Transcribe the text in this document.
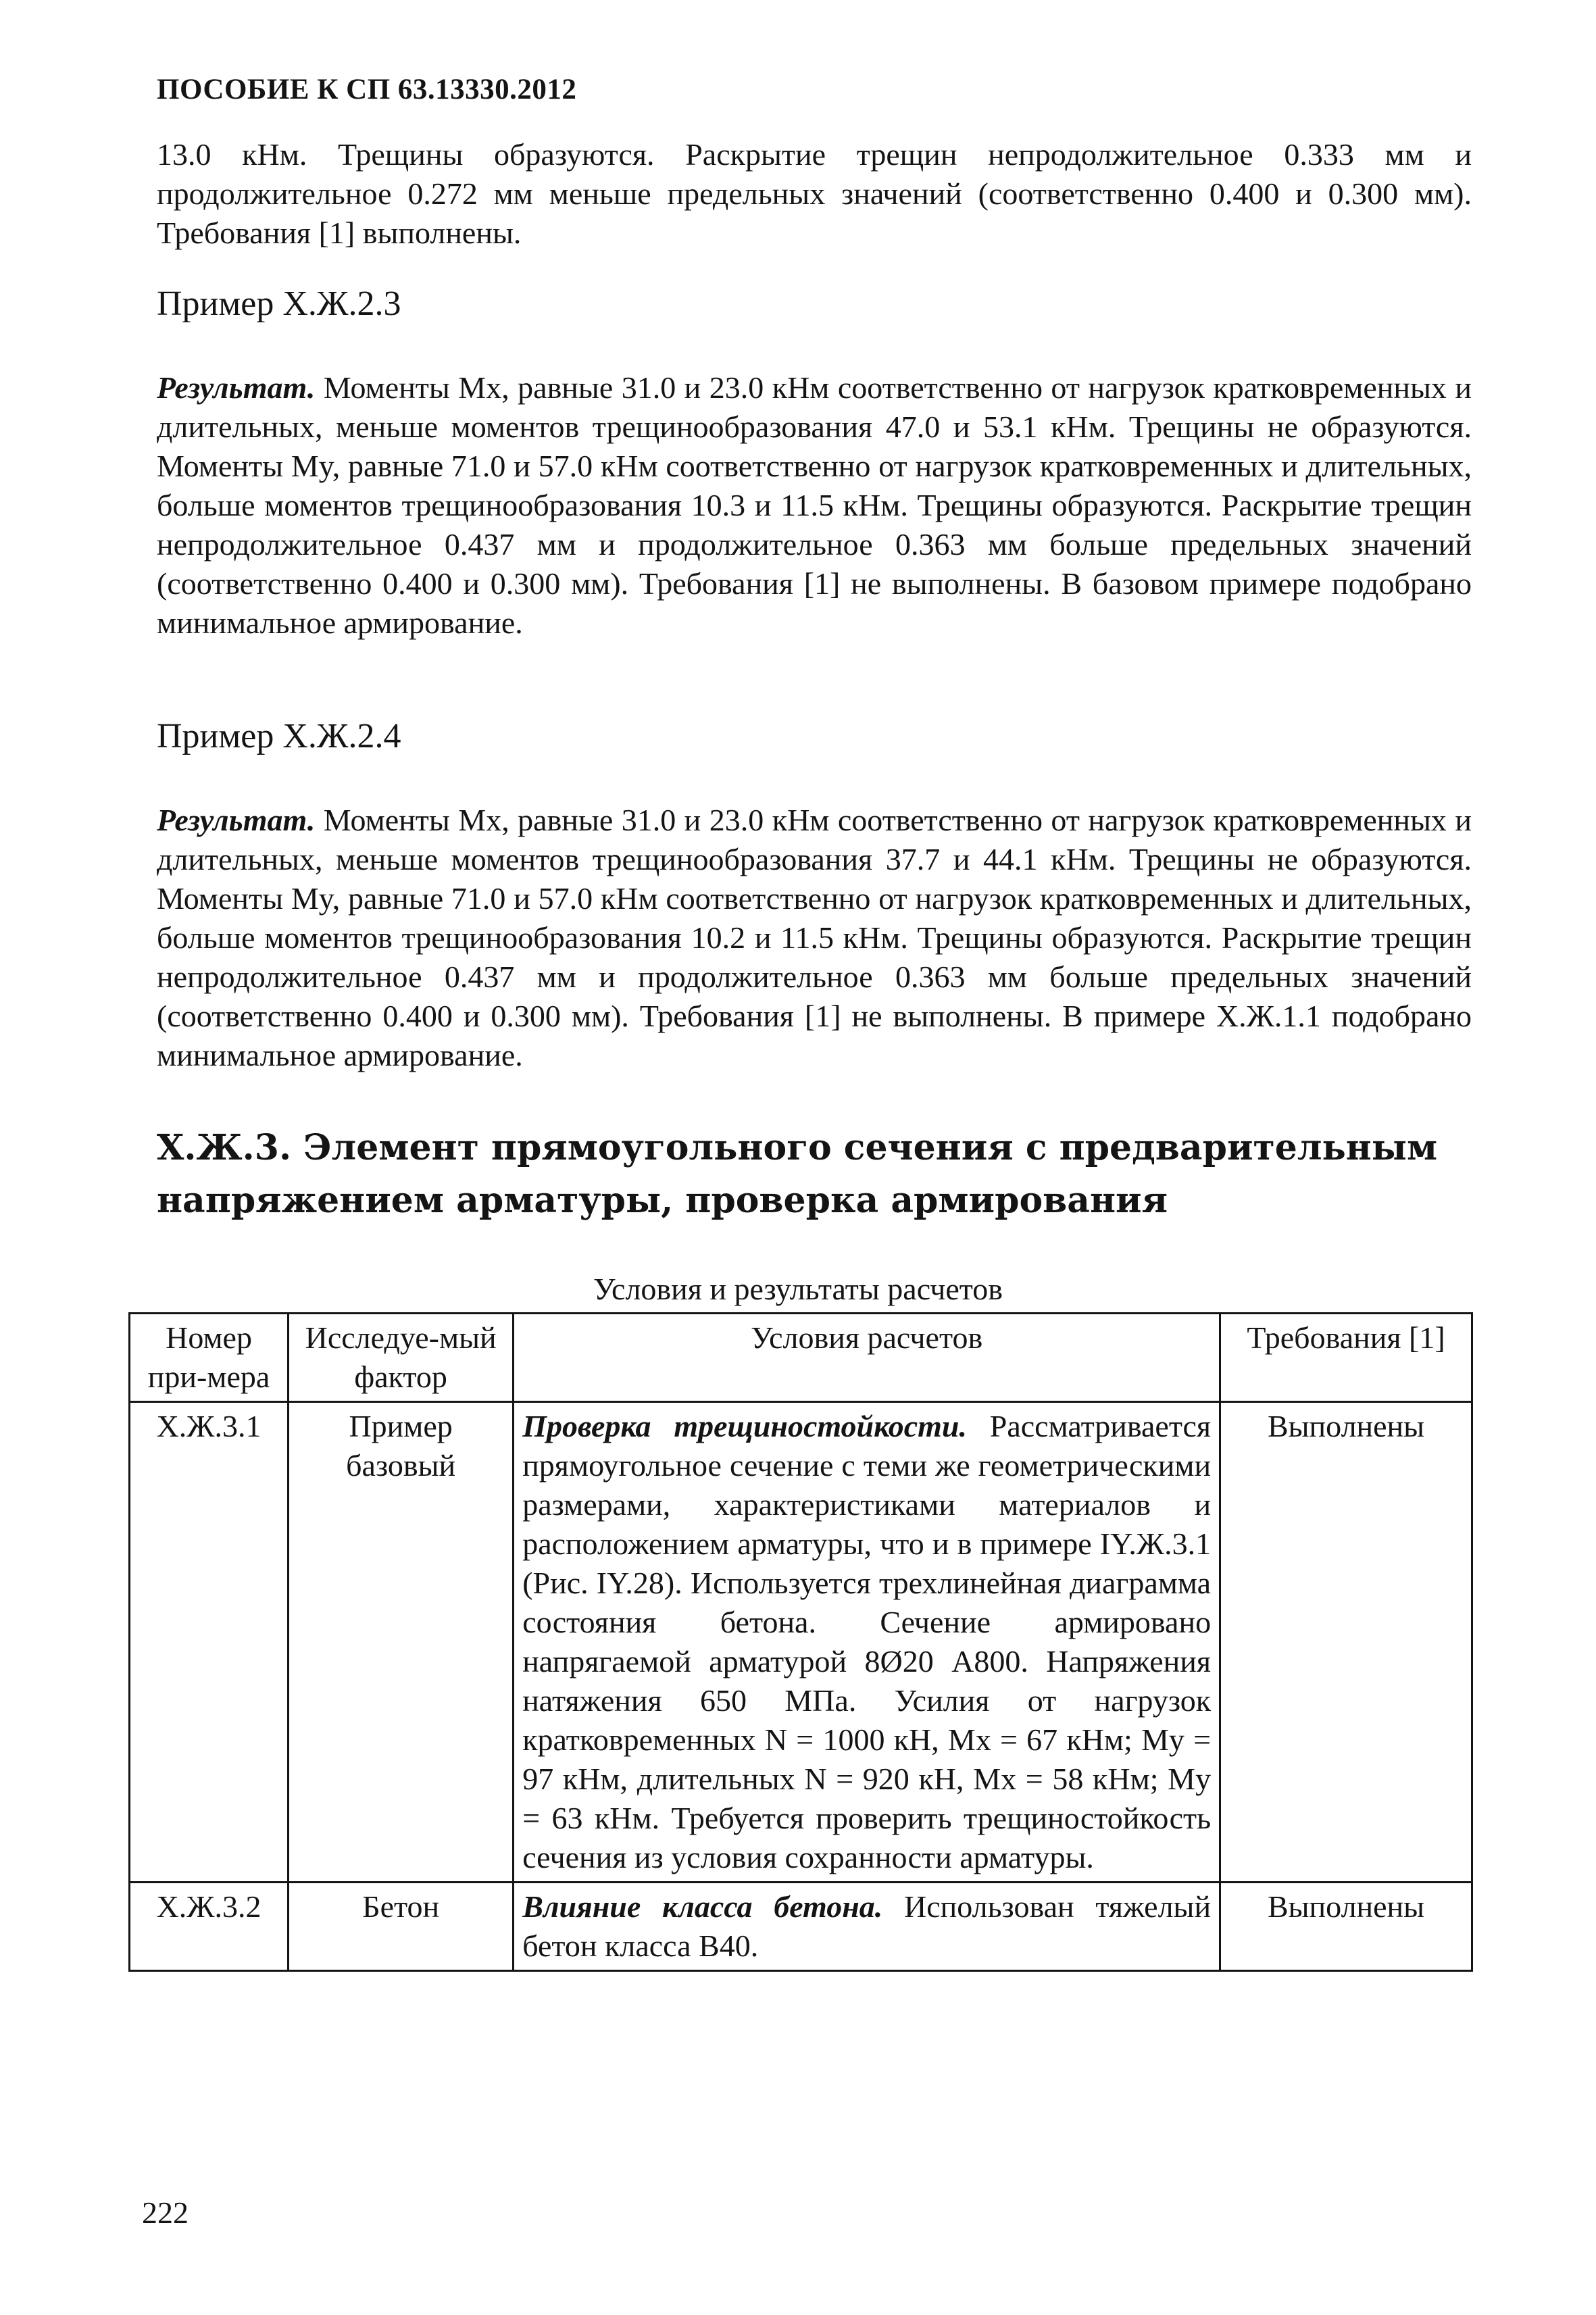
ПОСОБИЕ К СП 63.13330.2012
13.0 кНм. Трещины образуются. Раскрытие трещин непродолжительное 0.333 мм и продолжительное 0.272 мм меньше предельных значений (соответственно 0.400 и 0.300 мм). Требования [1] выполнены.
Пример Х.Ж.2.3
Результат. Моменты Mx, равные 31.0 и 23.0 кНм соответственно от нагрузок кратковременных и длительных, меньше моментов трещинообразования 47.0 и 53.1 кНм. Трещины не образуются. Моменты My, равные 71.0 и 57.0 кНм соответственно от нагрузок кратковременных и длительных, больше моментов трещинообразования 10.3 и 11.5 кНм. Трещины образуются. Раскрытие трещин непродолжительное 0.437 мм и продолжительное 0.363 мм больше предельных значений (соответственно 0.400 и 0.300 мм). Требования [1] не выполнены. В базовом примере подобрано минимальное армирование.
Пример Х.Ж.2.4
Результат. Моменты Mx, равные 31.0 и 23.0 кНм соответственно от нагрузок кратковременных и длительных, меньше моментов трещинообразования 37.7 и 44.1 кНм. Трещины не образуются. Моменты My, равные 71.0 и 57.0 кНм соответственно от нагрузок кратковременных и длительных, больше моментов трещинообразования 10.2 и 11.5 кНм. Трещины образуются. Раскрытие трещин непродолжительное 0.437 мм и продолжительное 0.363 мм больше предельных значений (соответственно 0.400 и 0.300 мм). Требования [1] не выполнены. В примере Х.Ж.1.1 подобрано минимальное армирование.
Х.Ж.3. Элемент прямоугольного сечения с предварительным напряжением арматуры, проверка армирования
Условия и результаты расчетов
Номер при-мера	Исследуе-мый фактор	Условия расчетов	Требования [1]
Х.Ж.3.1	Пример базовый	Проверка трещиностойкости. Рассматривается прямоугольное сечение с теми же геометрическими размерами, характеристиками материалов и расположением арматуры, что и в примере IY.Ж.3.1 (Рис. IY.28). Используется трехлинейная диаграмма состояния бетона. Сечение армировано напрягаемой арматурой 8Ø20 А800. Напряжения натяжения 650 МПа. Усилия от нагрузок кратковременных N = 1000 кН, Mx = 67 кНм; My = 97 кНм, длительных N = 920 кН, Mx = 58 кНм; My = 63 кНм. Требуется проверить трещиностойкость сечения из условия сохранности арматуры.	Выполнены
Х.Ж.3.2	Бетон	Влияние класса бетона. Использован тяжелый бетон класса В40.	Выполнены
222
